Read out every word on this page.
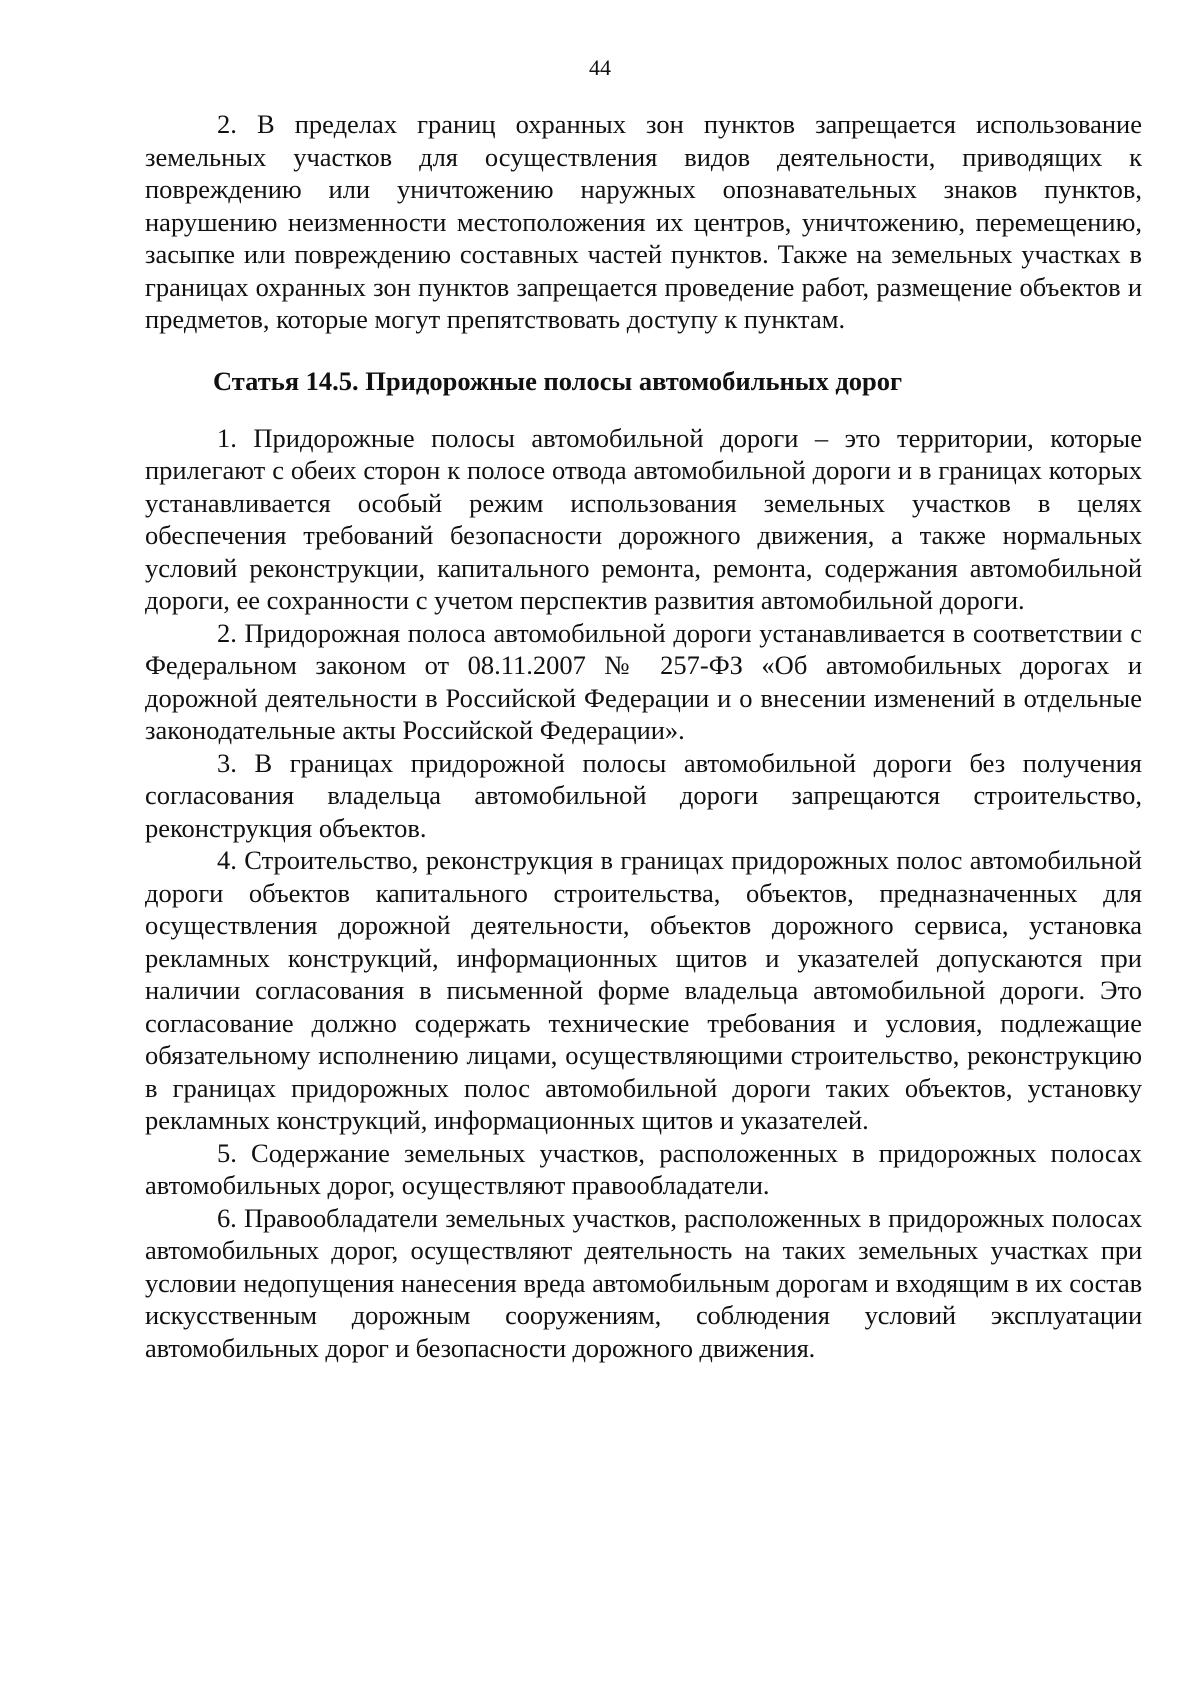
44

2. В пределах границ охранных зон пунктов запрещается использование земельных участков для осуществления видов деятельности, приводящих к повреждению или уничтожению наружных опознавательных знаков пунктов, нарушению неизменности местоположения их центров, уничтожению, перемещению, засыпке или повреждению составных частей пунктов. Также на земельных участках в границах охранных зон пунктов запрещается проведение работ, размещение объектов и предметов, которые могут препятствовать доступу к пунктам.

Статья 14.5. Придорожные полосы автомобильных дорог

1. Придорожные полосы автомобильной дороги – это территории, которые прилегают с обеих сторон к полосе отвода автомобильной дороги и в границах которых устанавливается особый режим использования земельных участков в целях обеспечения требований безопасности дорожного движения, а также нормальных условий реконструкции, капитального ремонта, ремонта, содержания автомобильной дороги, ее сохранности с учетом перспектив развития автомобильной дороги.

2. Придорожная полоса автомобильной дороги устанавливается в соответствии с Федеральном законом от 08.11.2007 № 257-ФЗ «Об автомобильных дорогах и дорожной деятельности в Российской Федерации и о внесении изменений в отдельные законодательные акты Российской Федерации».

3. В границах придорожной полосы автомобильной дороги без получения согласования владельца автомобильной дороги запрещаются строительство, реконструкция объектов.

4. Строительство, реконструкция в границах придорожных полос автомобильной дороги объектов капитального строительства, объектов, предназначенных для осуществления дорожной деятельности, объектов дорожного сервиса, установка рекламных конструкций, информационных щитов и указателей допускаются при наличии согласования в письменной форме владельца автомобильной дороги. Это согласование должно содержать технические требования и условия, подлежащие обязательному исполнению лицами, осуществляющими строительство, реконструкцию в границах придорожных полос автомобильной дороги таких объектов, установку рекламных конструкций, информационных щитов и указателей.

5. Содержание земельных участков, расположенных в придорожных полосах автомобильных дорог, осуществляют правообладатели.

6. Правообладатели земельных участков, расположенных в придорожных полосах автомобильных дорог, осуществляют деятельность на таких земельных участках при условии недопущения нанесения вреда автомобильным дорогам и входящим в их состав искусственным дорожным сооружениям, соблюдения условий эксплуатации автомобильных дорог и безопасности дорожного движения.
